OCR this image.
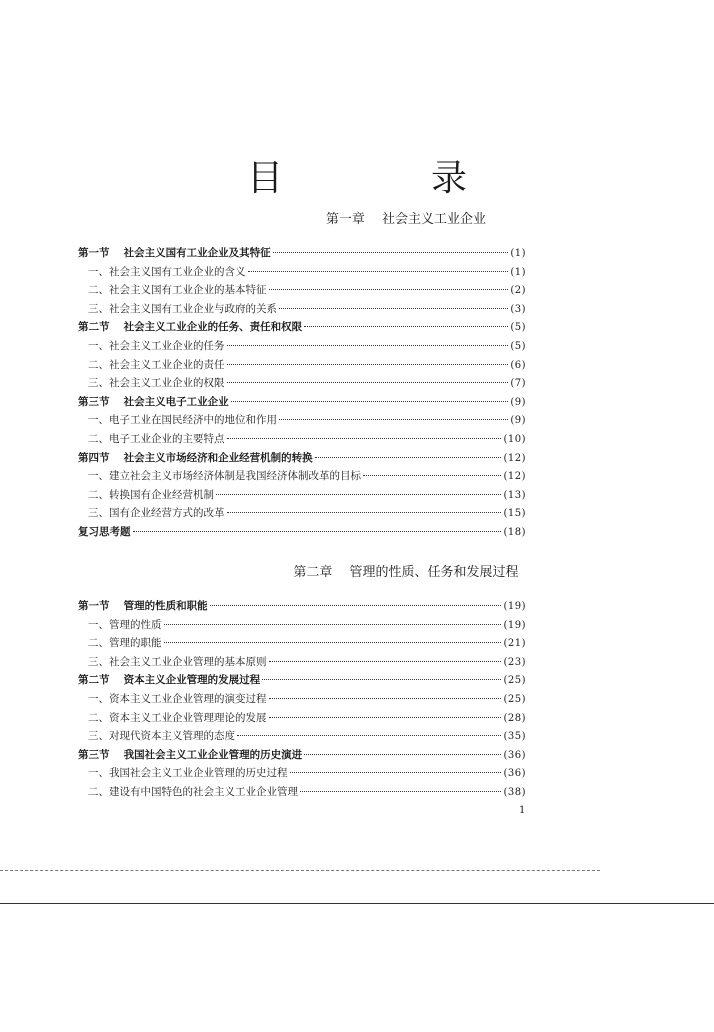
目　录
第一章　 社会主义工业企业
第一节　 社会主义国有工业企业及其特征	(1)
一、社会主义国有工业企业的含义	(1)
二、社会主义国有工业企业的基本特征	(2)
三、社会主义国有工业企业与政府的关系	(3)
第二节　 社会主义工业企业的任务、责任和权限	(5)
一、社会主义工业企业的任务	(5)
二、社会主义工业企业的责任	(6)
三、社会主义工业企业的权限	(7)
第三节　 社会主义电子工业企业	(9)
一、电子工业在国民经济中的地位和作用	(9)
二、电子工业企业的主要特点	(10)
第四节　 社会主义市场经济和企业经营机制的转换	(12)
一、建立社会主义市场经济体制是我国经济体制改革的目标	(12)
二、转换国有企业经营机制	(13)
三、国有企业经营方式的改革	(15)
复习思考题	(18)
第二章　 管理的性质、任务和发展过程
第一节　 管理的性质和职能	(19)
一、管理的性质	(19)
二、管理的职能	(21)
三、社会主义工业企业管理的基本原则	(23)
第二节　 资本主义企业管理的发展过程	(25)
一、资本主义工业企业管理的演变过程	(25)
二、资本主义工业企业管理理论的发展	(28)
三、对现代资本主义管理的态度	(35)
第三节　 我国社会主义工业企业管理的历史演进	(36)
一、我国社会主义工业企业管理的历史过程	(36)
二、建设有中国特色的社会主义工业企业管理	(38)
1
